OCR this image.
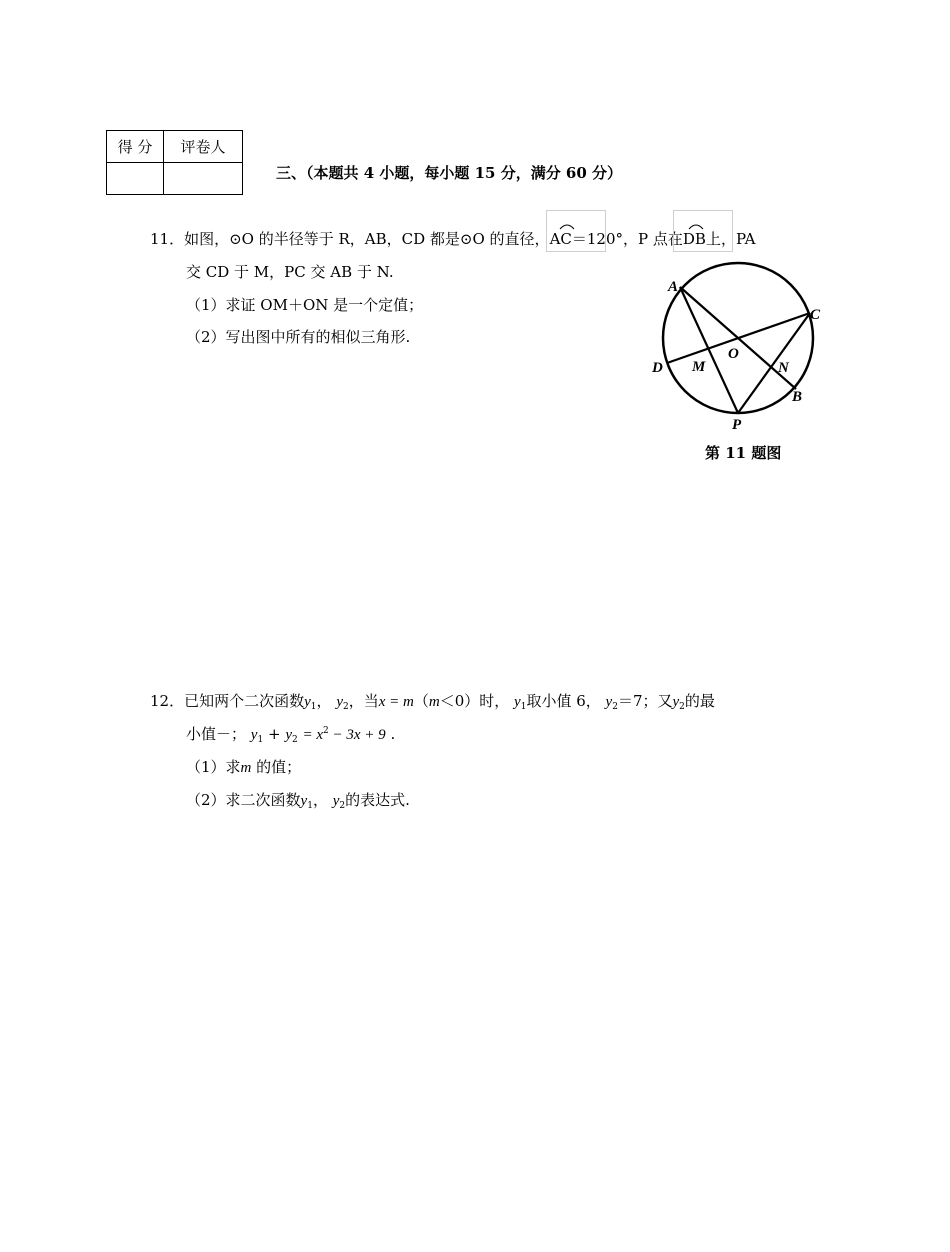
得 分	评卷人

三、（本题共 4 小题，每小题 15 分，满分 60 分）
11．如图，⊙O 的半径等于 R，AB，CD 都是⊙O 的直径，
AC＝120°，P 点在
DB上，PA
交 CD 于 M，PC 交 AB 于 N.
（1）求证 OM＋ON 是一个定值；
（2）写出图中所有的相似三角形.
A
C
O
D M	N
B
P
第 11 题图
12．已知两个二次函数$y_1$， $y_2$，当x = m（m＜0）时， $y_1$取小值 6， $y_2=7$；又$y_2$的最
小值－； $y_1 + y_2 = x^2 - 3x + 9$ .
（1）求m 的值；
（2）求二次函数$y_1$， $y_2$的表达式.
